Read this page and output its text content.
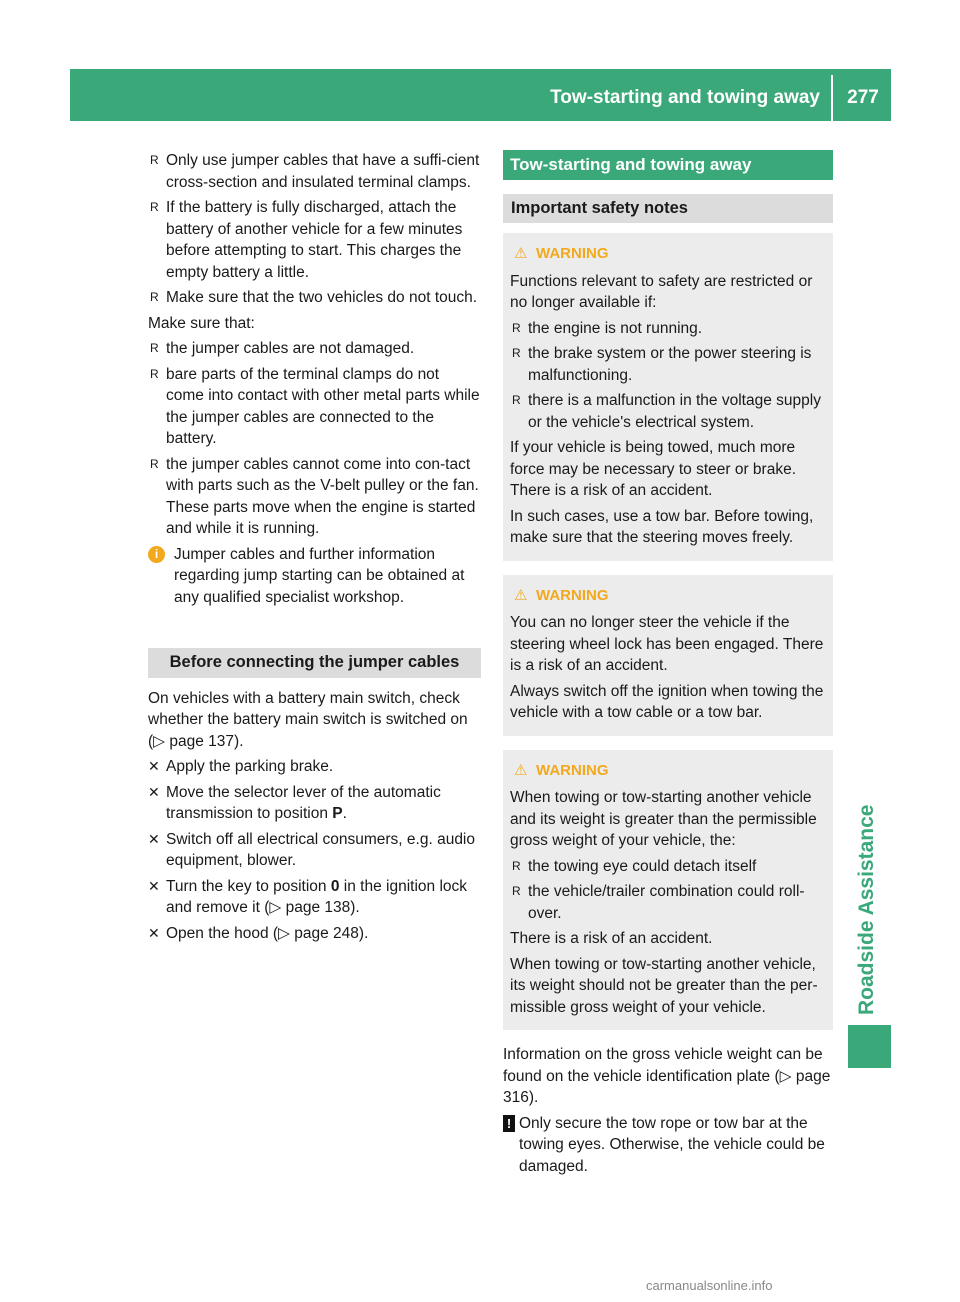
Tow-starting and towing away	277
Roadside Assistance
R Only use jumper cables that have a suffi-cient cross-section and insulated terminal clamps.
R If the battery is fully discharged, attach the battery of another vehicle for a few minutes before attempting to start. This charges the empty battery a little.
R Make sure that the two vehicles do not touch.

Make sure that:

R the jumper cables are not damaged.
R bare parts of the terminal clamps do not come into contact with other metal parts while the jumper cables are connected to the battery.
R the jumper cables cannot come into con-tact with parts such as the V-belt pulley or the fan. These parts move when the engine is started and while it is running.
i	Jumper cables and further information regarding jump starting can be obtained at any qualified specialist workshop.
Before connecting the jumper cables

On vehicles with a battery main switch, check whether the battery main switch is switched on (▷ page 137).

✕ Apply the parking brake.
✕ Move the selector lever of the automatic transmission to position P.
✕ Switch off all electrical consumers, e.g. audio equipment, blower.
✕ Turn the key to position 0 in the ignition lock and remove it (▷ page 138).
✕ Open the hood (▷ page 248).
Tow-starting and towing away
Important safety notes
⚠ WARNING

Functions relevant to safety are restricted or no longer available if:

R the engine is not running.
R the brake system or the power steering is malfunctioning.
R there is a malfunction in the voltage supply or the vehicle's electrical system.

If your vehicle is being towed, much more force may be necessary to steer or brake. There is a risk of an accident.

In such cases, use a tow bar. Before towing, make sure that the steering moves freely.

⚠ WARNING

You can no longer steer the vehicle if the steering wheel lock has been engaged. There is a risk of an accident.

Always switch off the ignition when towing the vehicle with a tow cable or a tow bar.

⚠ WARNING

When towing or tow-starting another vehicle and its weight is greater than the permissible gross weight of your vehicle, the:

R the towing eye could detach itself
R the vehicle/trailer combination could roll-over.

There is a risk of an accident.

When towing or tow-starting another vehicle, its weight should not be greater than the per-missible gross weight of your vehicle.

Information on the gross vehicle weight can be found on the vehicle identification plate (▷ page 316).

! Only secure the tow rope or tow bar at the towing eyes. Otherwise, the vehicle could be damaged.
carmanualsonline.info
